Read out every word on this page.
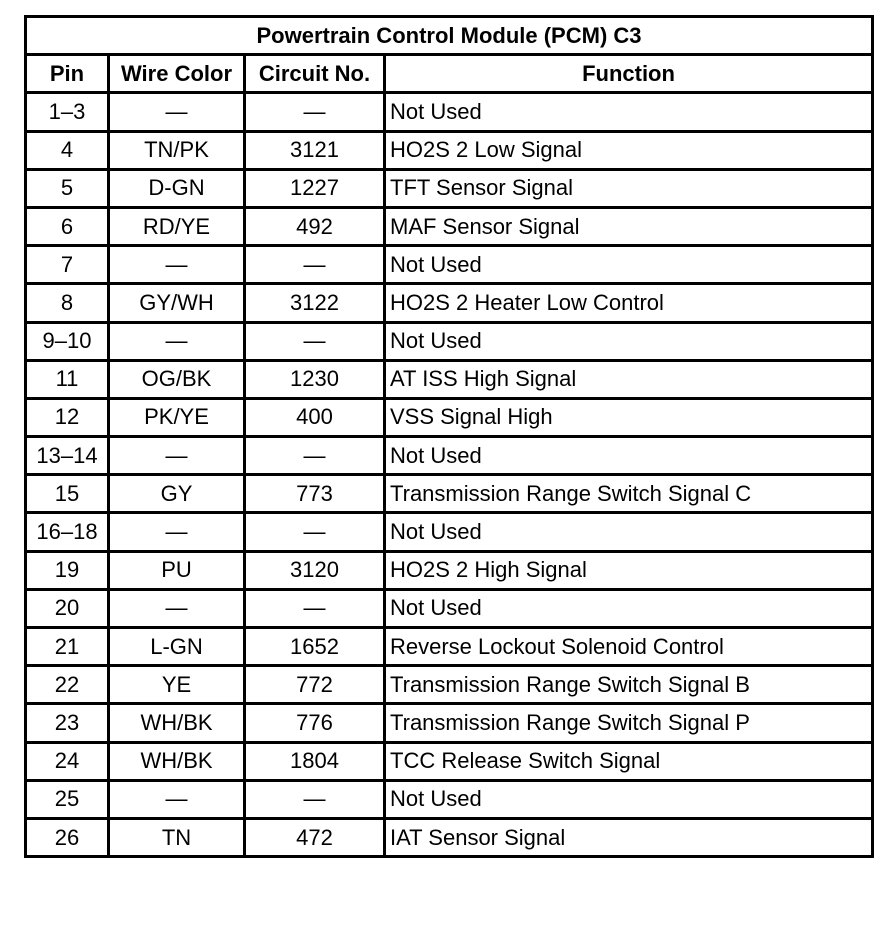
Powertrain Control Module (PCM) C3			
Pin	Wire Color	Circuit No.	Function
1–3	—	—	Not Used
4	TN/PK	3121	HO2S 2 Low Signal
5	D-GN	1227	TFT Sensor Signal
6	RD/YE	492	MAF Sensor Signal
7	—	—	Not Used
8	GY/WH	3122	HO2S 2 Heater Low Control
9–10	—	—	Not Used
11	OG/BK	1230	AT ISS High Signal
12	PK/YE	400	VSS Signal High
13–14	—	—	Not Used
15	GY	773	Transmission Range Switch Signal C
16–18	—	—	Not Used
19	PU	3120	HO2S 2 High Signal
20	—	—	Not Used
21	L-GN	1652	Reverse Lockout Solenoid Control
22	YE	772	Transmission Range Switch Signal B
23	WH/BK	776	Transmission Range Switch Signal P
24	WH/BK	1804	TCC Release Switch Signal
25	—	—	Not Used
26	TN	472	IAT Sensor Signal
